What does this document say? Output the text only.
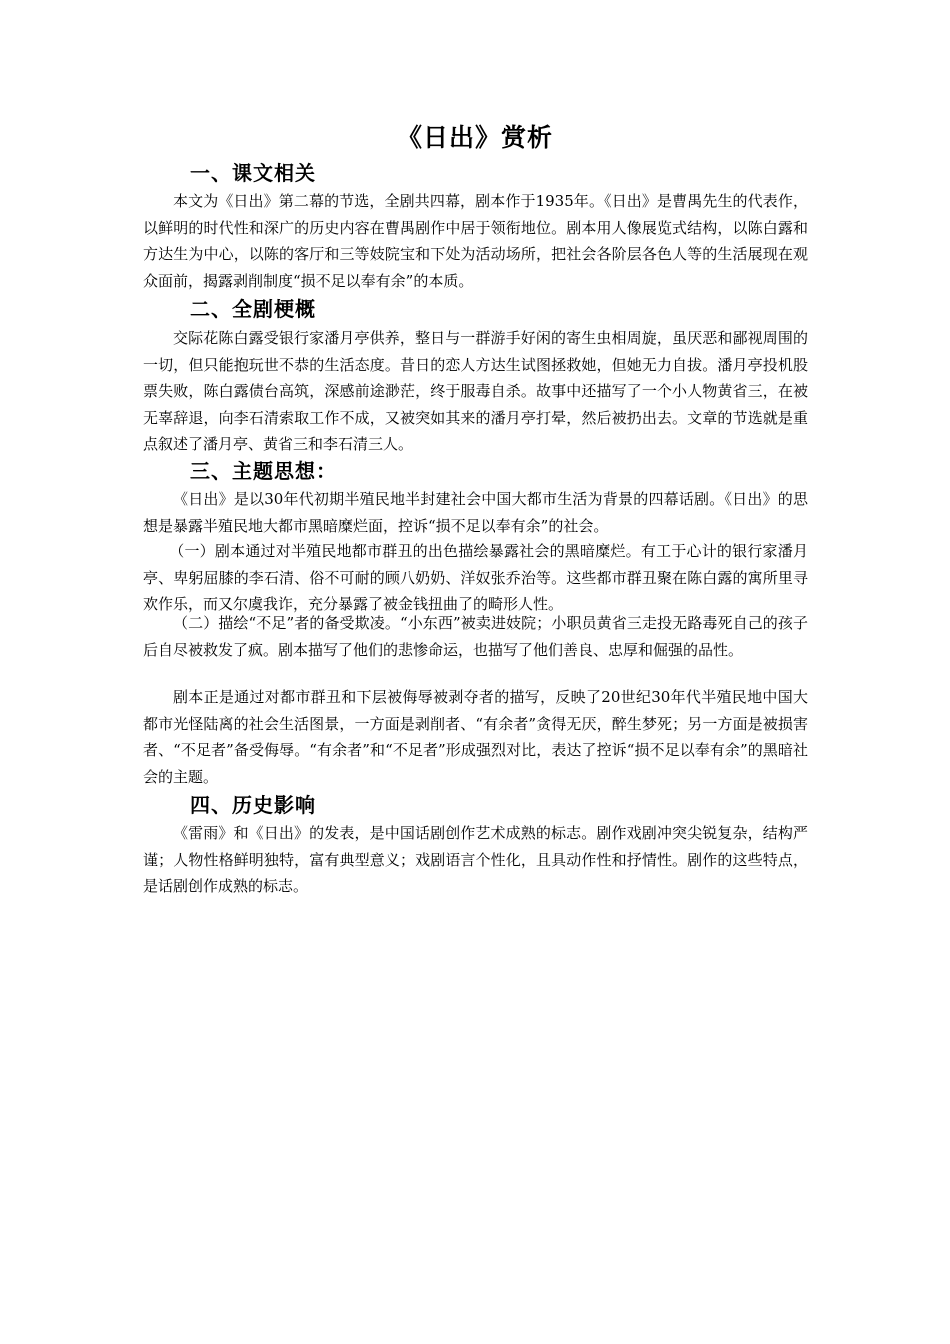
《日出》赏析
一、课文相关
本文为《日出》第二幕的节选，全剧共四幕，剧本作于1935年。《日出》是曹禺先生的代表作，以鲜明的时代性和深广的历史内容在曹禺剧作中居于领衔地位。剧本用人像展览式结构，以陈白露和方达生为中心，以陈的客厅和三等妓院宝和下处为活动场所，把社会各阶层各色人等的生活展现在观众面前，揭露剥削制度“损不足以奉有余”的本质。
二、全剧梗概
交际花陈白露受银行家潘月亭供养，整日与一群游手好闲的寄生虫相周旋，虽厌恶和鄙视周围的一切，但只能抱玩世不恭的生活态度。昔日的恋人方达生试图拯救她，但她无力自拔。潘月亭投机股票失败，陈白露债台高筑，深感前途渺茫，终于服毒自杀。故事中还描写了一个小人物黄省三，在被无辜辞退，向李石清索取工作不成，又被突如其来的潘月亭打晕，然后被扔出去。文章的节选就是重点叙述了潘月亭、黄省三和李石清三人。
三、主题思想：
《日出》是以30年代初期半殖民地半封建社会中国大都市生活为背景的四幕话剧。《日出》的思想是暴露半殖民地大都市黑暗糜烂面，控诉“损不足以奉有余”的社会。
（一）剧本通过对半殖民地都市群丑的出色描绘暴露社会的黑暗糜烂。有工于心计的银行家潘月亭、卑躬屈膝的李石清、俗不可耐的顾八奶奶、洋奴张乔治等。这些都市群丑聚在陈白露的寓所里寻欢作乐，而又尔虞我诈，充分暴露了被金钱扭曲了的畸形人性。
（二）描绘“不足”者的备受欺凌。“小东西”被卖进妓院；小职员黄省三走投无路毒死自己的孩子后自尽被救发了疯。剧本描写了他们的悲惨命运，也描写了他们善良、忠厚和倔强的品性。
剧本正是通过对都市群丑和下层被侮辱被剥夺者的描写，反映了20世纪30年代半殖民地中国大都市光怪陆离的社会生活图景，一方面是剥削者、“有余者”贪得无厌，醉生梦死；另一方面是被损害者、“不足者”备受侮辱。“有余者”和“不足者”形成强烈对比，表达了控诉“损不足以奉有余”的黑暗社会的主题。
四、历史影响
《雷雨》和《日出》的发表，是中国话剧创作艺术成熟的标志。剧作戏剧冲突尖锐复杂，结构严谨；人物性格鲜明独特，富有典型意义；戏剧语言个性化，且具动作性和抒情性。剧作的这些特点，是话剧创作成熟的标志。
